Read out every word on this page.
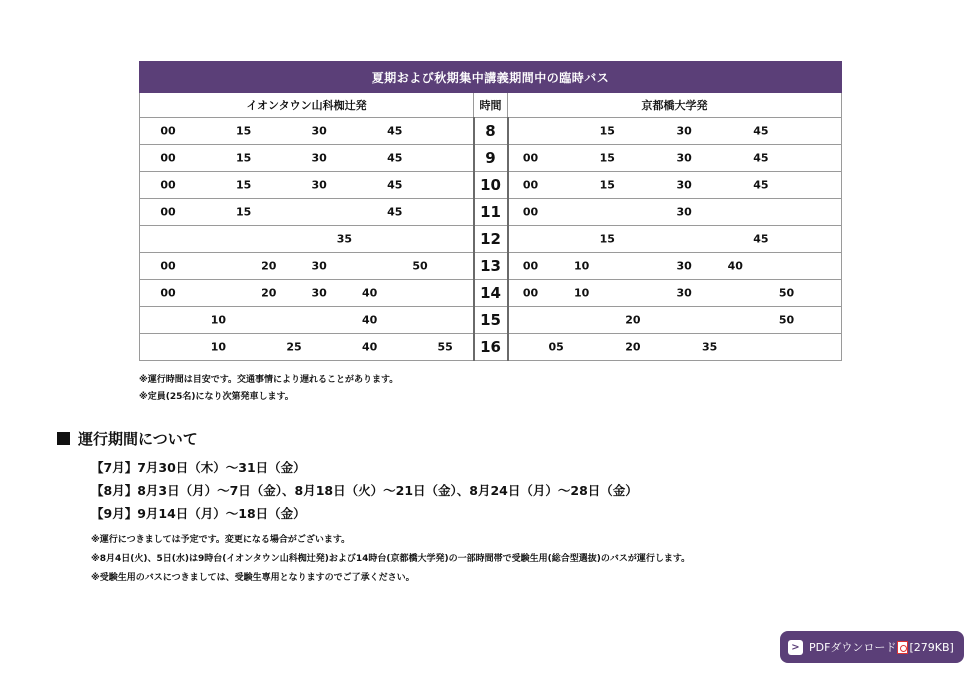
夏期および秋期集中講義期間中の臨時バス		
イオンタウン山科椥辻発	時間	京都橋大学発

00 15 30 45	8	15 30 45

00 15 30 45	9	00 15 30 45

00 15 30 45	10	00 15 30 45

00 15 45	11	00 30

35	12	15 45

00 20 30 50	13	00 10 30 40

00 20 30 40	14	00 10 30 50

10 40	15	20 50

10 25 40 55	16	05 20 35
※運行時間は目安です。交通事情により遅れることがあります。
※定員(25名)になり次第発車します。
運行期間について
【7月】7月30日（木）～31日（金）
【8月】8月3日（月）～7日（金）、8月18日（火）～21日（金）、8月24日（月）～28日（金）
【9月】9月14日（月）～18日（金）
※運行につきましては予定です。変更になる場合がございます。
※8月4日(火)、5日(水)は9時台(イオンタウン山科椥辻発)および14時台(京都橋大学発)の一部時間帯で受験生用(総合型選抜)のバスが運行します。
※受験生用のバスにつきましては、受験生専用となりますのでご了承ください。
> PDFダウンロード [279KB]
